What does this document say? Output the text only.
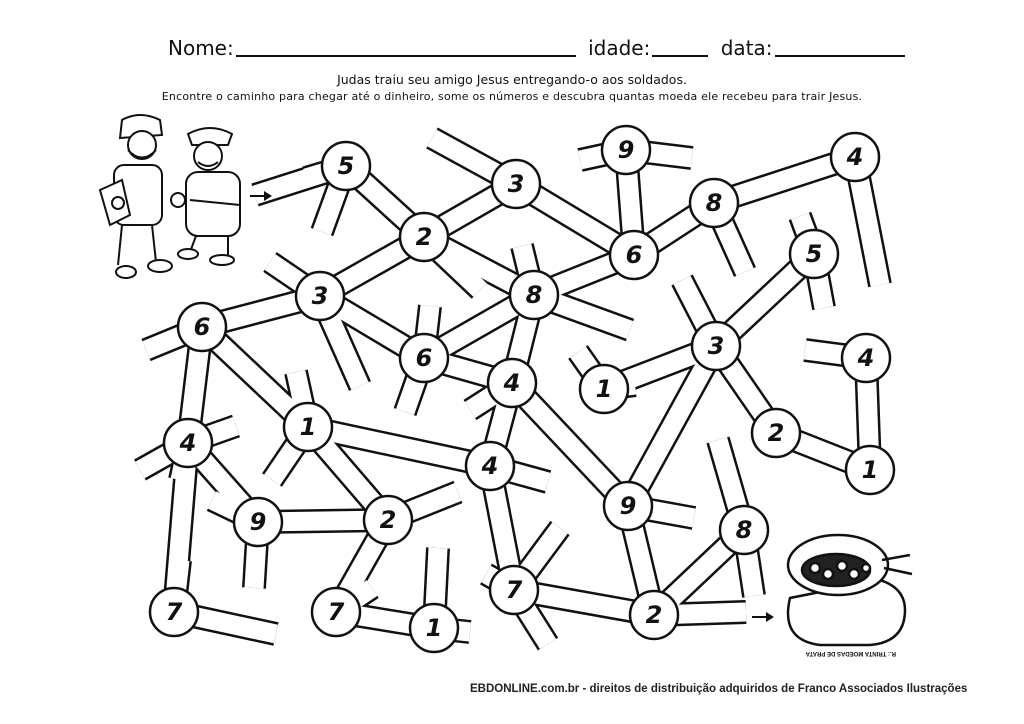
Nome:	idade:	data:
Judas traiu seu amigo Jesus entregando-o aos soldados.
Encontre o caminho para chegar até o dinheiro, some os números e descubra quantas moeda ele recebeu para trair Jesus.
5
3
9	4
8
2
6	5
3	8
6
6
4
3
1
4
4
1	2
1
4
9	2	9
8
7	7
1	2
7
R.: TRINTA MOEDAS DE PRATA
EBDONLINE.com.br - direitos de distribuição adquiridos de Franco Associados Ilustrações
